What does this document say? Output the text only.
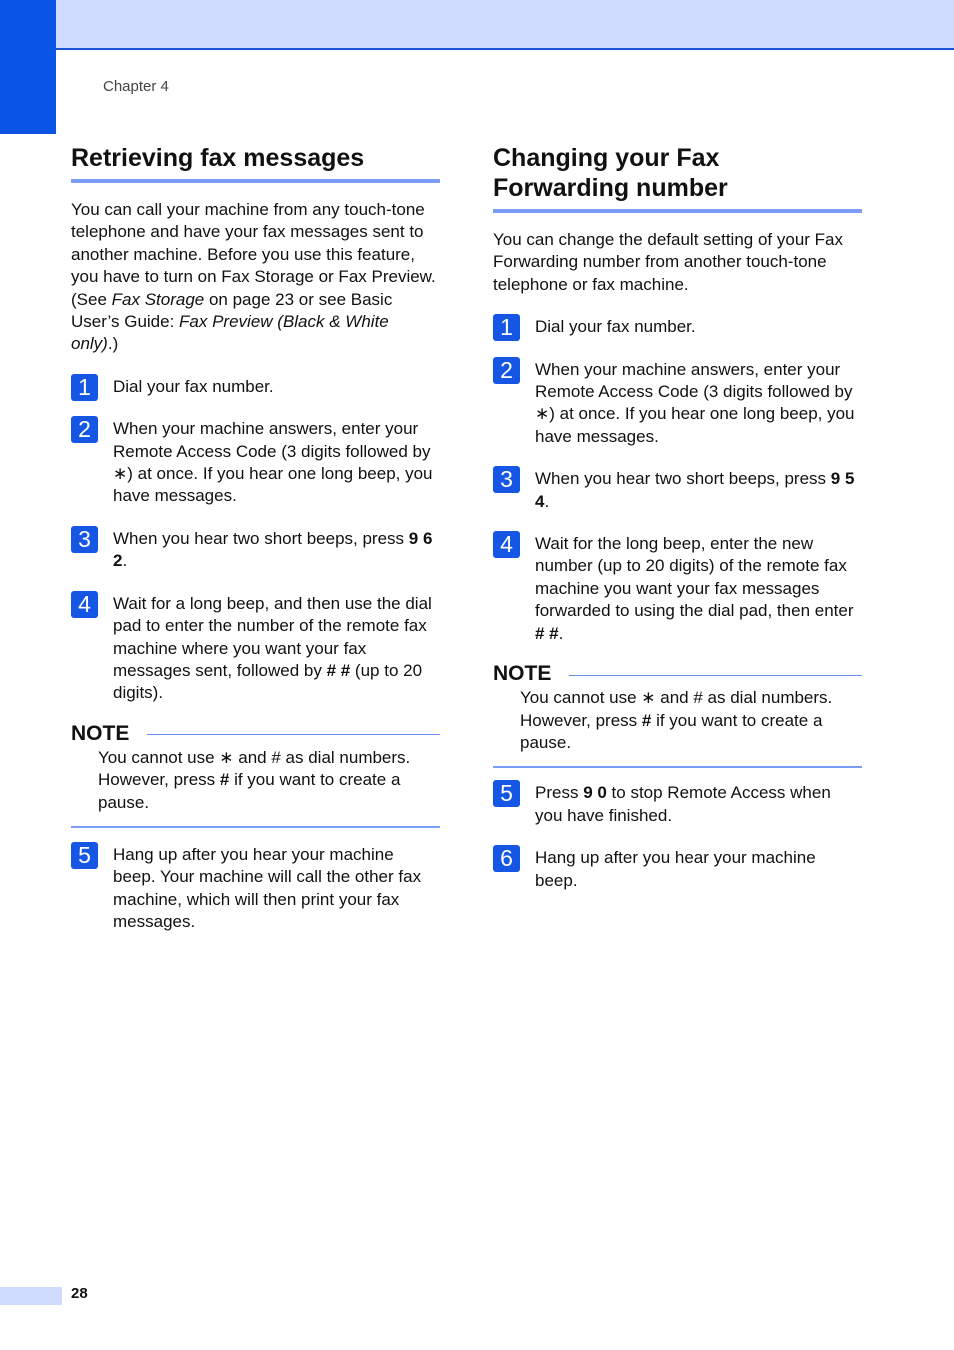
Chapter 4
Retrieving fax messages

You can call your machine from any touch-tone telephone and have your fax messages sent to another machine. Before you use this feature, you have to turn on Fax Storage or Fax Preview. (See Fax Storage on page 23 or see Basic User’s Guide: Fax Preview (Black & White only).)

1	Dial your fax number.
2	When your machine answers, enter your Remote Access Code (3 digits followed by ∗) at once. If you hear one long beep, you have messages.
3	When you hear two short beeps, press 9 6 2.
4	Wait for a long beep, and then use the dial pad to enter the number of the remote fax machine where you want your fax messages sent, followed by # # (up to 20 digits).
NOTE
You cannot use ∗ and # as dial numbers. However, press # if you want to create a pause.
5	Hang up after you hear your machine beep. Your machine will call the other fax machine, which will then print your fax messages.
Changing your Fax Forwarding number

You can change the default setting of your Fax Forwarding number from another touch-tone telephone or fax machine.

1	Dial your fax number.
2	When your machine answers, enter your Remote Access Code (3 digits followed by ∗) at once. If you hear one long beep, you have messages.
3	When you hear two short beeps, press 9 5 4.
4	Wait for the long beep, enter the new number (up to 20 digits) of the remote fax machine you want your fax messages forwarded to using the dial pad, then enter # #.
NOTE
You cannot use ∗ and # as dial numbers. However, press # if you want to create a pause.
5	Press 9 0 to stop Remote Access when you have finished.
6	Hang up after you hear your machine beep.
28
